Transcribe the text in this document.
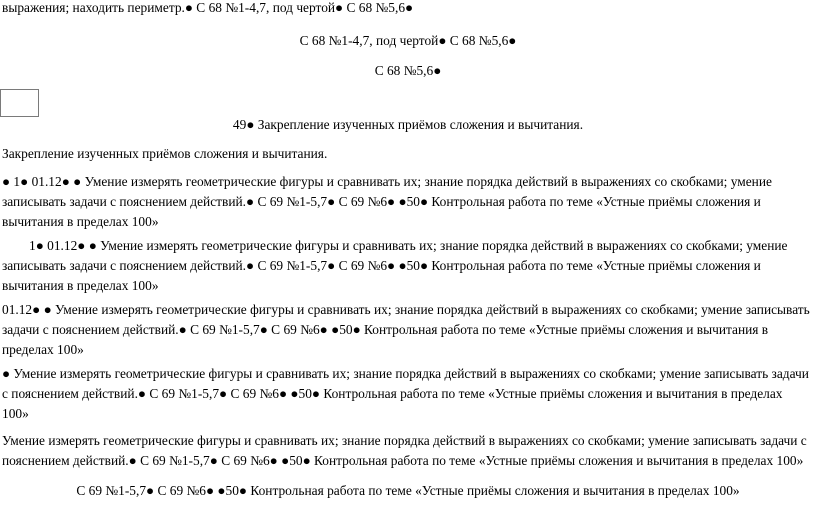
выражения; находить периметр.● С 68 №1-4,7, под чертой● С 68 №5,6●
С 68 №1-4,7, под чертой● С 68 №5,6●
С 68 №5,6●
49● Закрепление изученных приёмов сложения и вычитания.
Закрепление изученных приёмов сложения и вычитания.

● 1● 01.12● ● Умение измерять геометрические фигуры и сравнивать их; знание порядка действий в выражениях со скобками; умение

записывать задачи с пояснением действий.● С 69 №1-5,7● С 69 №6● ●50● Контрольная работа по теме «Устные приёмы сложения и

вычитания в пределах 100»

1● 01.12● ● Умение измерять геометрические фигуры и сравнивать их; знание порядка действий в выражениях со скобками; умение

записывать задачи с пояснением действий.● С 69 №1-5,7● С 69 №6● ●50● Контрольная работа по теме «Устные приёмы сложения и

вычитания в пределах 100»

01.12● ● Умение измерять геометрические фигуры и сравнивать их; знание порядка действий в выражениях со скобками; умение записывать

задачи с пояснением действий.● С 69 №1-5,7● С 69 №6● ●50● Контрольная работа по теме «Устные приёмы сложения и вычитания в

пределах 100»

● Умение измерять геометрические фигуры и сравнивать их; знание порядка действий в выражениях со скобками; умение записывать задачи

с пояснением действий.● С 69 №1-5,7● С 69 №6● ●50● Контрольная работа по теме «Устные приёмы сложения и вычитания в пределах

100»

Умение измерять геометрические фигуры и сравнивать их; знание порядка действий в выражениях со скобками; умение записывать задачи с

пояснением действий.● С 69 №1-5,7● С 69 №6● ●50● Контрольная работа по теме «Устные приёмы сложения и вычитания в пределах 100»

С 69 №1-5,7● С 69 №6● ●50● Контрольная работа по теме «Устные приёмы сложения и вычитания в пределах 100»
